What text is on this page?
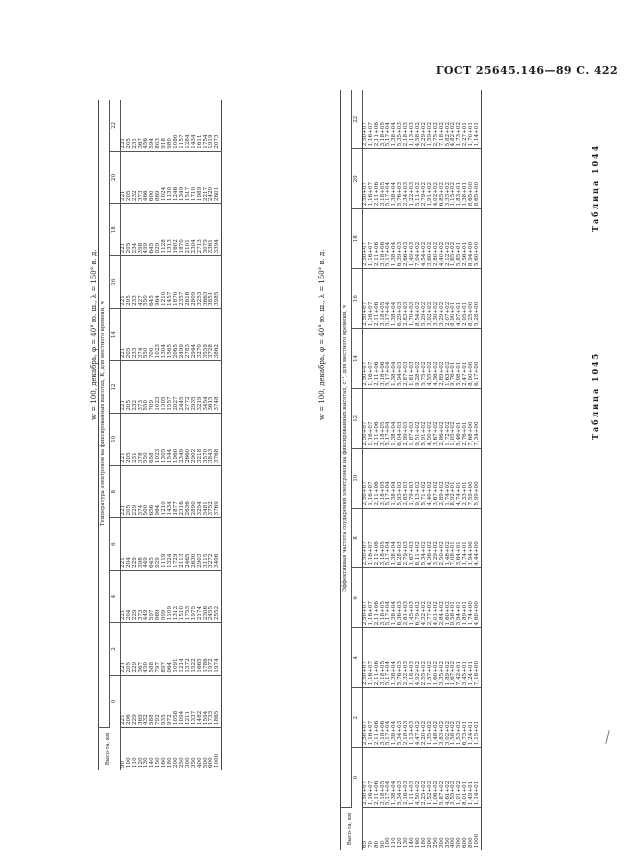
ГОСТ 25645.146—89 С. 422
Таблица 1044
w = 100, декабрь, φ = 40° ю. ш., λ = 150° в. д.
Высо-та, км	Температура электронов на фиксированных высотах, К, для местного времени, ч											
	0	2	4	6	8	10	12	14	16	18	20	22
90	221	221	221	221	221	221	221	221	221	221	221	221
100	206	205	204	204	205	205	205	205	205	205	205	205
110	229	229	229	229	229	231	232	233	233	234	232	231
120	369	367	373	398	374	378	373	374	427	398	373	367
130	432	450	449	449	500	550	550	550	550	499	466	456
140	588	588	597	645	656	658	709	700	645	645	600	594
150	792	797	869	929	964	1023	1023	1023	964	929	869	803
160	935	897	999	1119	1210	1305	1305	1304	1210	1128	1024	918
180	972	964	1109	1324	1434	1544	1557	1565	1457	1313	1130	980
200	1058	1091	1312	1729	1877	1960	2027	2065	1870	1602	1246	1080
250	1094	1214	1510	2113	2316	2349	2445	2499	2357	1870	1349	1157
300	1211	1372	1753	2465	2636	2660	2772	2783	2616	2101	1517	1284
350	1337	1522	1975	2630	2890	2902	2935	2944	2809	2304	1710	1434
400	1482	1665	2174	2903	3254	3218	3219	3270	3253	2713	1989	1611
500	1594	1786	2306	3115	3481	3570	3454	3559	3663	3079	2217	1754
600	1733	1972	2455	3272	3752	3843	3615	3728	3851	3361	2420	1919
1000	1865	1974	2552	3406	3769	3768	3748	3862	3985	3394	2601	2073
Таблица 1045
w = 100, декабрь, φ = 40° ю. ш., λ = 150° в. д.
Высо-та, км	Эффективная частота соударений электронов на фиксированных высотах, с⁻¹, для местного времени, ч											
	0	2	4	6	8	10	12	14	16	18	20	22
65	2,50+07	2,50+07	2,50+07	2,50+07	2,50+07	2,50+07	2,50+07	2,50+07	2,50+07	2,50+07	2,50+07	2,50+07
70	1,16+07	1,16+07	1,16+07	1,16+07	1,16+07	1,16+07	1,16+07	1,16+07	1,16+07	1,16+07	1,16+07	1,16+07
80	2,11+06	2,11+06	2,11+06	2,11+06	2,11+06	2,11+06	2,11+06	2,11+06	2,11+06	2,11+06	2,11+06	2,11+06
90	3,18+05	3,18+06	3,18+05	3,18+05	3,18+05	3,18+05	3,18+05	3,18+06	3,18+05	3,18+06	3,18+05	3,18+05
100	5,17+04	5,17+04	5,17+04	5,17+04	5,17+04	5,17+04	5,17+04	5,17+04	5,17+04	5,17+04	5,17+04	5,17+04
110	1,38+04	1,38+04	1,38+04	1,38+04	1,38+04	1,38+04	1,38+04	1,38+04	1,38+04	1,38+04	1,38+04	1,38+04
120	5,34+03	5,34+03	5,76+03	6,36+03	6,28+03	5,93+03	6,04+03	5,94+03	6,29+03	6,39+03	5,76+03	5,35+03
130	2,16+03	2,18+03	2,32+03	2,61+03	2,79+03	2,85+03	2,99+03	2,87+03	2,83+03	2,66+03	2,34+03	2,18+03
140	1,11+03	1,13+03	1,18+03	1,45+03	1,67+03	1,79+03	1,87+03	1,81+03	1,70+03	1,49+03	1,22+03	1,13+03
160	4,50+02	4,47+02	4,92+02	6,79+02	8,11+02	9,13+02	9,51+02	9,28+02	8,54+02	7,04+02	5,11+02	4,58+02
180	2,25+02	2,20+02	2,55+02	4,32+02	5,34+02	5,71+02	5,91+02	5,75+02	5,29+02	4,54+02	2,79+02	2,29+02
200	1,52+02	1,35+02	1,57+02	2,77+02	4,36+02	4,40+02	4,50+02	4,55+02	3,92+02	3,60+02	1,91+02	1,59+02
250	1,06+02	1,48+02	1,60+02	4,01+02	3,29+02	3,67+02	3,67+02	4,36+02	3,30+02	2,80+02	4,02+02	2,75+02
300	5,87+02	3,83+02	3,35+02	2,84+02	2,50+02	2,89+02	2,86+02	2,89+02	3,29+02	4,40+02	6,85+02	7,18+02
350	4,61+02	3,02+02	1,89+02	1,60+02	1,48+02	1,74+02	1,72+02	1,63+02	2,07+02	2,12+02	3,33+02	5,82+02
400	3,55+02	1,58+02	1,67+02	9,58+01	7,08+01	8,92+01	1,05+02	9,76+01	8,90+01	1,65+02	1,15+02	4,82+02
500	1,91+02	1,53+02	7,42+01	3,94+01	3,64+01	4,74+01	5,46+01	5,08+01	4,97+01	5,85+01	1,83+01	1,73+02
600	8,01+01	6,73+01	3,45+01	1,89+01	1,74+01	2,33+01	2,76+01	2,47+01	2,05+01	2,56+01	1,38+01	2,27+01
800	1,49+01	1,24+01	1,24+01	1,74+00	1,94+00	7,59+00	7,68+00	8,00+00	8,25+00	8,94+00	8,65+00	1,70+01
1000	1,14+01	1,15+01	7,16+00	4,60+00	4,44+00	5,99+00	7,34+00	6,17+00	5,28+00	5,60+00	8,65+00	1,14+01
